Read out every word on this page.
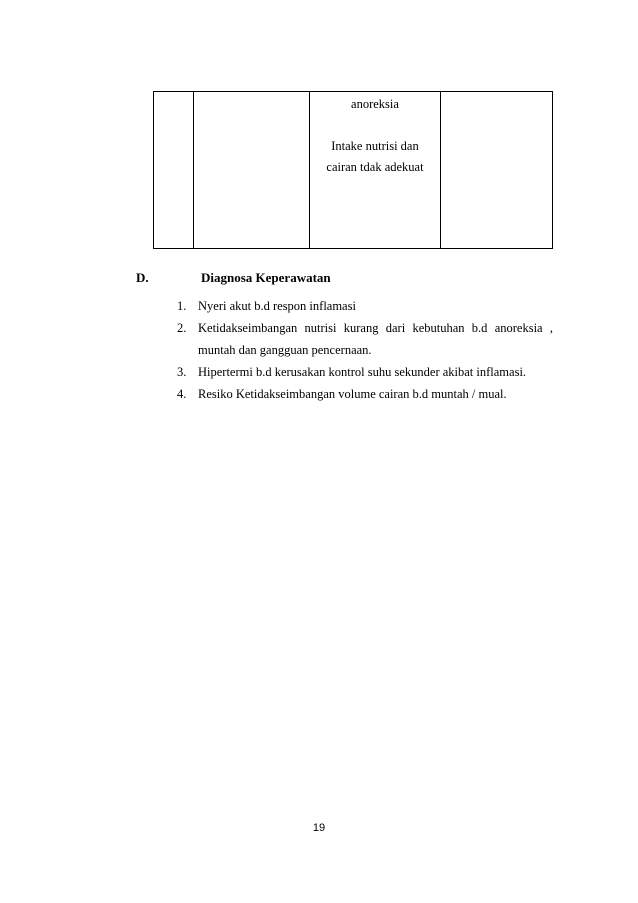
anoreksia
Intake nutrisi dan
cairan tdak adekuat
D.	Diagnosa Keperawatan
1. Nyeri akut b.d respon inflamasi
2. Ketidakseimbangan nutrisi kurang dari kebutuhan b.d anoreksia ,
muntah dan gangguan pencernaan.
3. Hipertermi b.d kerusakan kontrol suhu sekunder akibat inflamasi.
4. Resiko Ketidakseimbangan volume cairan b.d muntah / mual.
19
